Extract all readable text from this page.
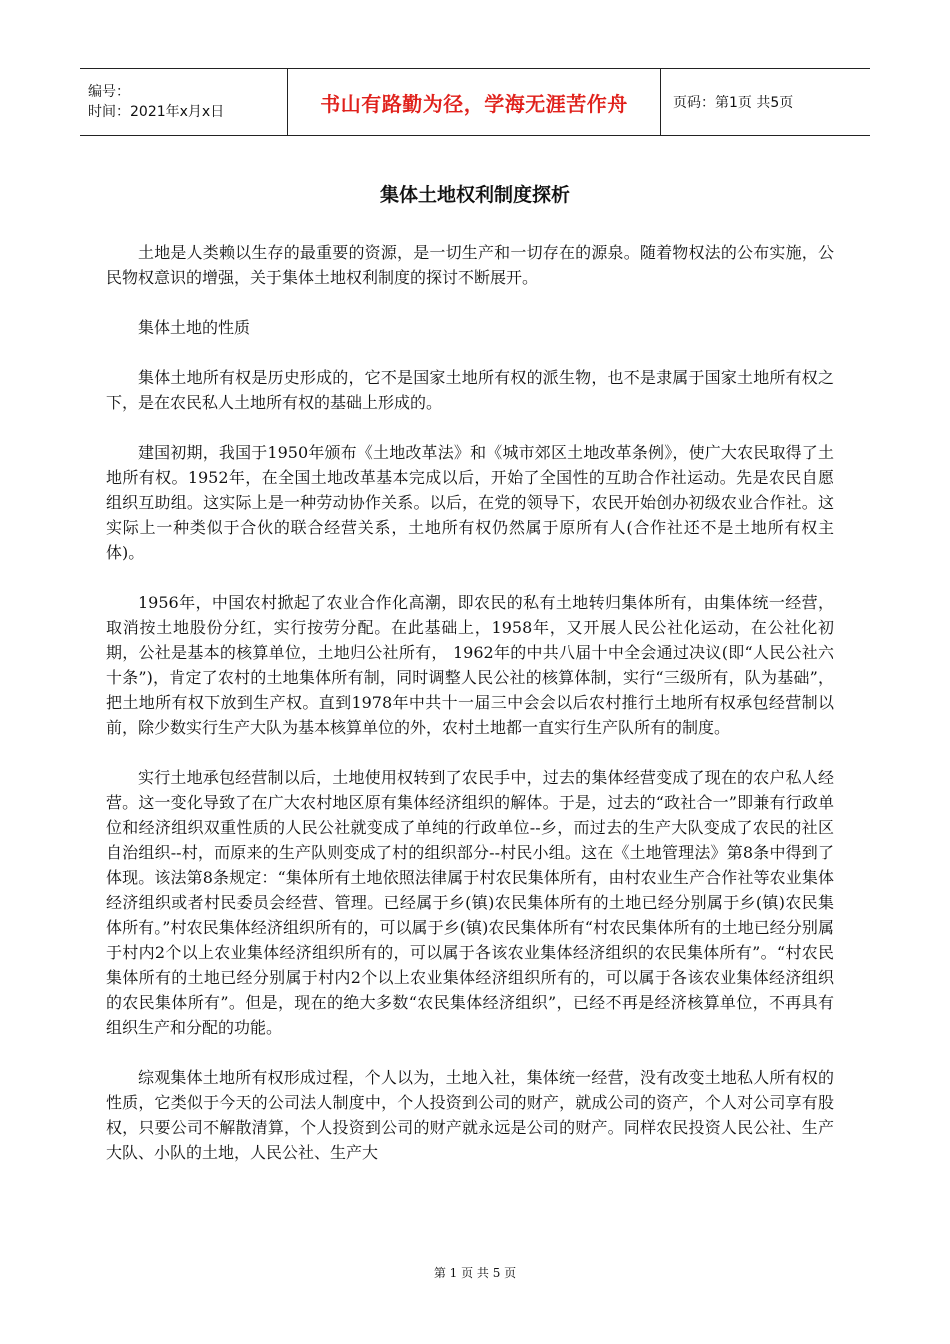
编号：
时间：2021年x月x日	书山有路勤为径，学海无涯苦作舟	页码：第1页 共5页
集体土地权利制度探析

土地是人类赖以生存的最重要的资源，是一切生产和一切存在的源泉。随着物权法的公布实施，公民物权意识的增强，关于集体土地权利制度的探讨不断展开。

集体土地的性质

集体土地所有权是历史形成的，它不是国家土地所有权的派生物，也不是隶属于国家土地所有权之下，是在农民私人土地所有权的基础上形成的。

建国初期，我国于1950年颁布《土地改革法》和《城市郊区土地改革条例》，使广大农民取得了土地所有权。1952年，在全国土地改革基本完成以后，开始了全国性的互助合作社运动。先是农民自愿组织互助组。这实际上是一种劳动协作关系。以后，在党的领导下，农民开始创办初级农业合作社。这实际上一种类似于合伙的联合经营关系，土地所有权仍然属于原所有人(合作社还不是土地所有权主体)。

1956年，中国农村掀起了农业合作化高潮，即农民的私有土地转归集体所有，由集体统一经营，取消按土地股份分红，实行按劳分配。在此基础上，1958年，又开展人民公社化运动，在公社化初期，公社是基本的核算单位，土地归公社所有， 1962年的中共八届十中全会通过决议(即“人民公社六十条”)，肯定了农村的土地集体所有制，同时调整人民公社的核算体制，实行“三级所有，队为基础”，把土地所有权下放到生产权。直到1978年中共十一届三中会会以后农村推行土地所有权承包经营制以前，除少数实行生产大队为基本核算单位的外，农村土地都一直实行生产队所有的制度。

实行土地承包经营制以后，土地使用权转到了农民手中，过去的集体经营变成了现在的农户私人经营。这一变化导致了在广大农村地区原有集体经济组织的解体。于是，过去的“政社合一”即兼有行政单位和经济组织双重性质的人民公社就变成了单纯的行政单位--乡，而过去的生产大队变成了农民的社区自治组织--村，而原来的生产队则变成了村的组织部分--村民小组。这在《土地管理法》第8条中得到了体现。该法第8条规定：“集体所有土地依照法律属于村农民集体所有，由村农业生产合作社等农业集体经济组织或者村民委员会经营、管理。已经属于乡(镇)农民集体所有的土地已经分别属于乡(镇)农民集体所有。”村农民集体经济组织所有的，可以属于乡(镇)农民集体所有“村农民集体所有的土地已经分别属于村内2个以上农业集体经济组织所有的，可以属于各该农业集体经济组织的农民集体所有”。“村农民集体所有的土地已经分别属于村内2个以上农业集体经济组织所有的，可以属于各该农业集体经济组织的农民集体所有”。但是，现在的绝大多数“农民集体经济组织”，已经不再是经济核算单位，不再具有组织生产和分配的功能。

综观集体土地所有权形成过程，个人以为，土地入社，集体统一经营，没有改变土地私人所有权的性质，它类似于今天的公司法人制度中，个人投资到公司的财产，就成公司的资产，个人对公司享有股权，只要公司不解散清算，个人投资到公司的财产就永远是公司的财产。同样农民投资人民公社、生产大队、小队的土地，人民公社、生产大

第 1 页 共 5 页
